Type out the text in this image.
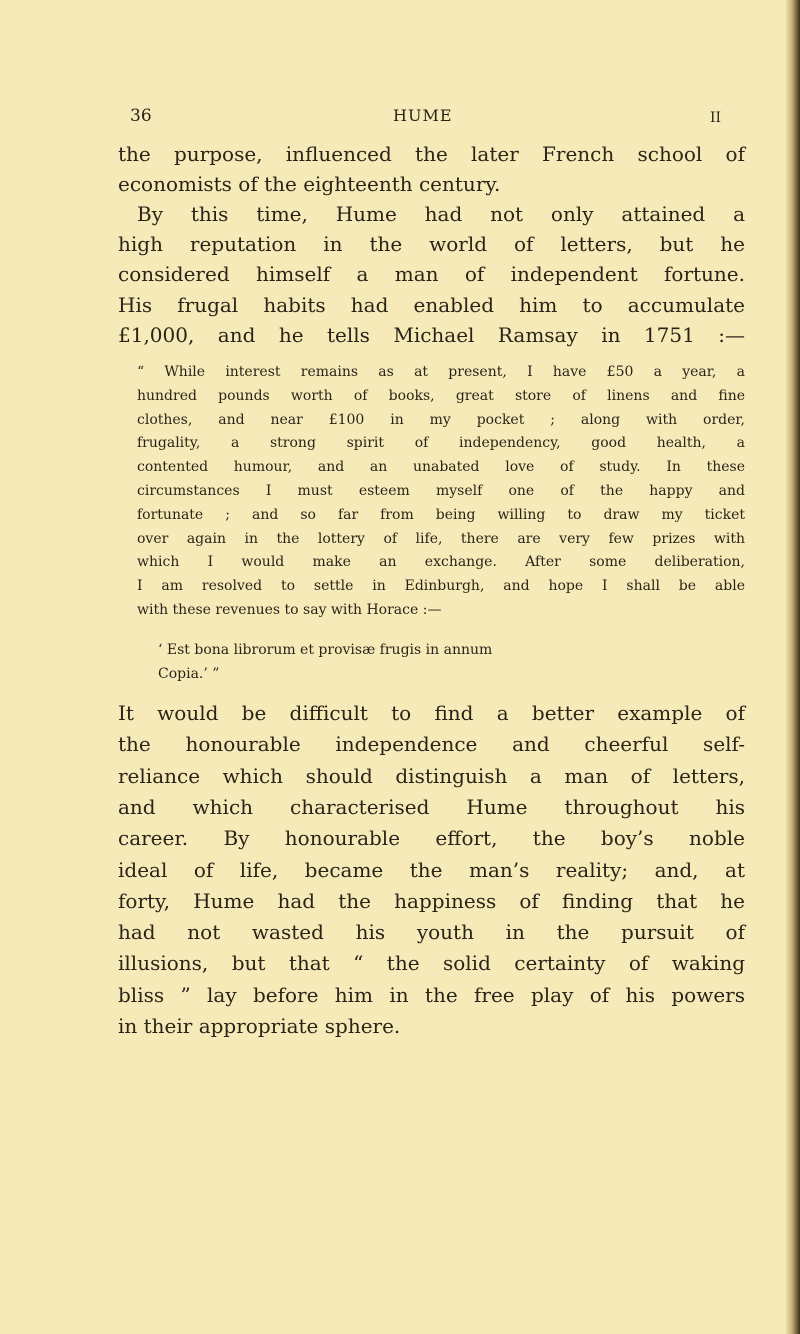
36	HUME	II
the purpose, influenced the later French school of
economists of the eighteenth century.
By this time, Hume had not only attained a
high reputation in the world of letters, but he
considered himself a man of independent fortune.
His frugal habits had enabled him to accumulate
£1,000, and he tells Michael Ramsay in 1751 :—
“ While interest remains as at present, I have £50 a year, a
hundred pounds worth of books, great store of linens and fine
clothes, and near £100 in my pocket ; along with order,
frugality, a strong spirit of independency, good health, a
contented humour, and an unabated love of study. In these
circumstances I must esteem myself one of the happy and
fortunate ; and so far from being willing to draw my ticket
over again in the lottery of life, there are very few prizes with
which I would make an exchange. After some deliberation,
I am resolved to settle in Edinburgh, and hope I shall be able
with these revenues to say with Horace :—
‘ Est bona librorum et provisæ frugis in annum
Copia.’ ”
It would be difficult to find a better example of
the honourable independence and cheerful self-
reliance which should distinguish a man of letters,
and which characterised Hume throughout his
career. By honourable effort, the boy’s noble
ideal of life, became the man’s reality; and, at
forty, Hume had the happiness of finding that he
had not wasted his youth in the pursuit of
illusions, but that “ the solid certainty of waking
bliss ” lay before him in the free play of his powers
in their appropriate sphere.
